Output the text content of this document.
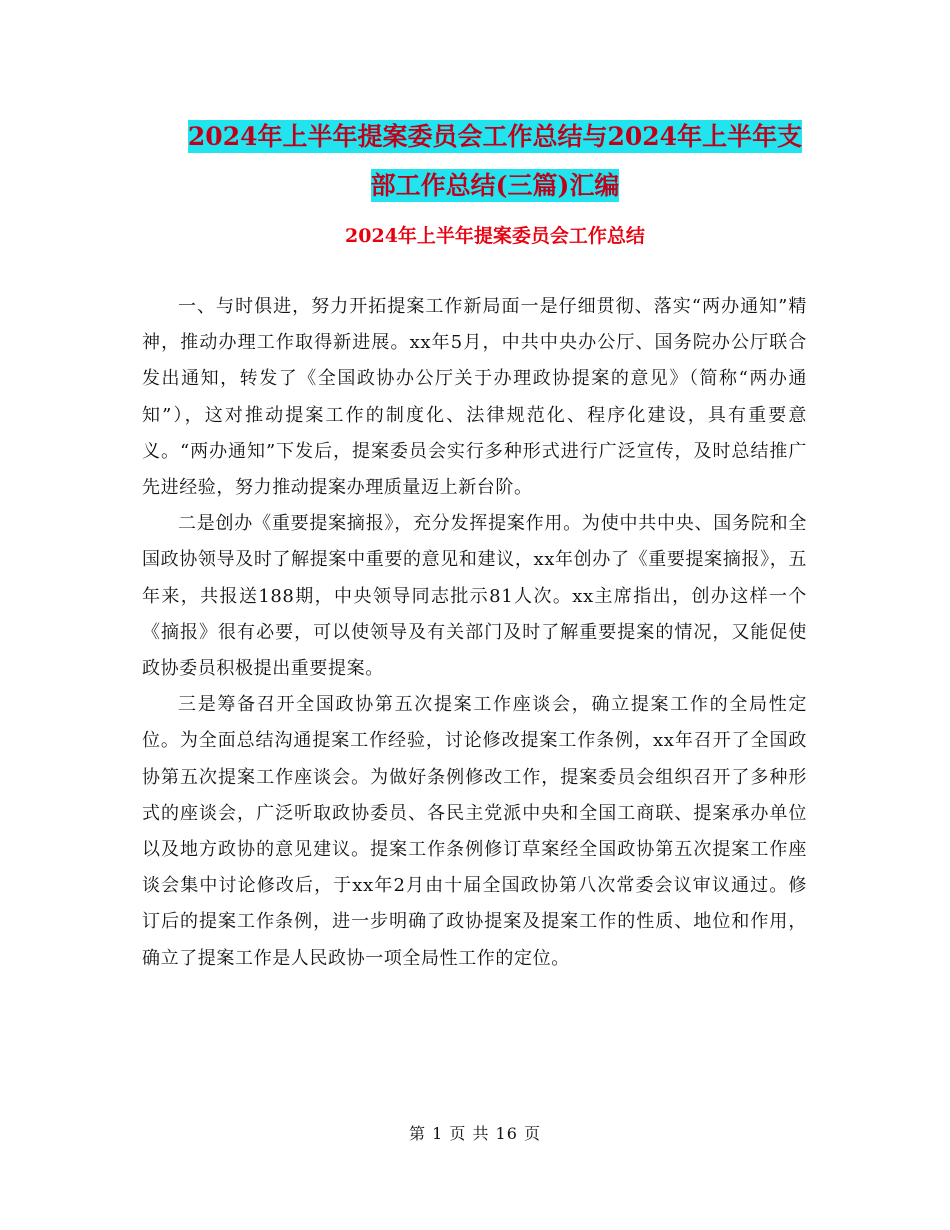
2024年上半年提案委员会工作总结与2024年上半年支
部工作总结(三篇)汇编
2024年上半年提案委员会工作总结

一、与时俱进，努力开拓提案工作新局面一是仔细贯彻、落实“两办通知”精神，推动办理工作取得新进展。xx年5月，中共中央办公厅、国务院办公厅联合发出通知，转发了《全国政协办公厅关于办理政协提案的意见》（简称“两办通知”），这对推动提案工作的制度化、法律规范化、程序化建设，具有重要意义。“两办通知”下发后，提案委员会实行多种形式进行广泛宣传，及时总结推广先进经验，努力推动提案办理质量迈上新台阶。

二是创办《重要提案摘报》，充分发挥提案作用。为使中共中央、国务院和全国政协领导及时了解提案中重要的意见和建议，xx年创办了《重要提案摘报》，五年来，共报送188期，中央领导同志批示81人次。xx主席指出，创办这样一个《摘报》很有必要，可以使领导及有关部门及时了解重要提案的情况，又能促使政协委员积极提出重要提案。

三是筹备召开全国政协第五次提案工作座谈会，确立提案工作的全局性定位。为全面总结沟通提案工作经验，讨论修改提案工作条例，xx年召开了全国政协第五次提案工作座谈会。为做好条例修改工作，提案委员会组织召开了多种形式的座谈会，广泛听取政协委员、各民主党派中央和全国工商联、提案承办单位以及地方政协的意见建议。提案工作条例修订草案经全国政协第五次提案工作座谈会集中讨论修改后，于xx年2月由十届全国政协第八次常委会议审议通过。修订后的提案工作条例，进一步明确了政协提案及提案工作的性质、地位和作用，确立了提案工作是人民政协一项全局性工作的定位。

第 1 页 共 16 页
